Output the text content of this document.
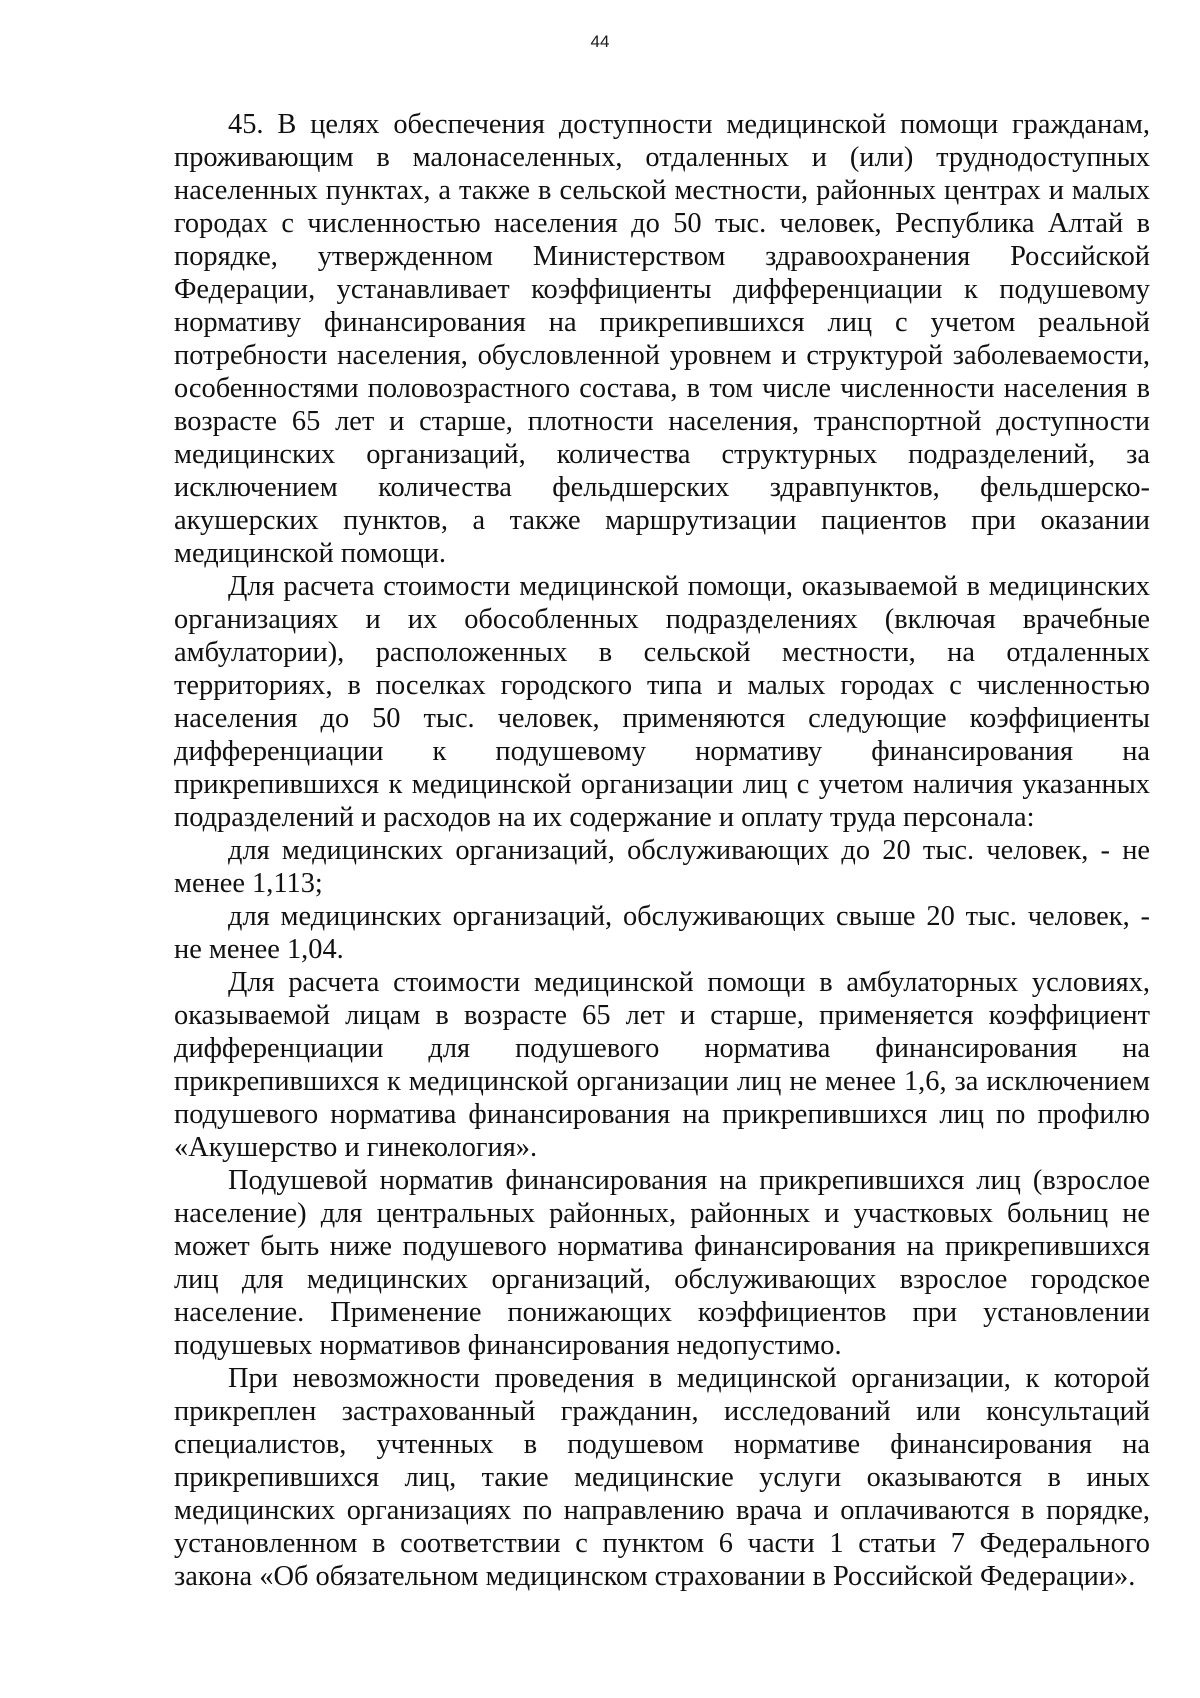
44

45. В целях обеспечения доступности медицинской помощи гражданам, проживающим в малонаселенных, отдаленных и (или) труднодоступных населенных пунктах, а также в сельской местности, районных центрах и малых городах с численностью населения до 50 тыс. человек, Республика Алтай в порядке, утвержденном Министерством здравоохранения Российской Федерации, устанавливает коэффициенты дифференциации к подушевому нормативу финансирования на прикрепившихся лиц с учетом реальной потребности населения, обусловленной уровнем и структурой заболеваемости, особенностями половозрастного состава, в том числе численности населения в возрасте 65 лет и старше, плотности населения, транспортной доступности медицинских организаций, количества структурных подразделений, за исключением количества фельдшерских здравпунктов, фельдшерско-акушерских пунктов, а также маршрутизации пациентов при оказании медицинской помощи.

Для расчета стоимости медицинской помощи, оказываемой в медицинских организациях и их обособленных подразделениях (включая врачебные амбулатории), расположенных в сельской местности, на отдаленных территориях, в поселках городского типа и малых городах с численностью населения до 50 тыс. человек, применяются следующие коэффициенты дифференциации к подушевому нормативу финансирования на прикрепившихся к медицинской организации лиц с учетом наличия указанных подразделений и расходов на их содержание и оплату труда персонала:

для медицинских организаций, обслуживающих до 20 тыс. человек, - не менее 1,113;

для медицинских организаций, обслуживающих свыше 20 тыс. человек, - не менее 1,04.

Для расчета стоимости медицинской помощи в амбулаторных условиях, оказываемой лицам в возрасте 65 лет и старше, применяется коэффициент дифференциации для подушевого норматива финансирования на прикрепившихся к медицинской организации лиц не менее 1,6, за исключением подушевого норматива финансирования на прикрепившихся лиц по профилю «Акушерство и гинекология».

Подушевой норматив финансирования на прикрепившихся лиц (взрослое население) для центральных районных, районных и участковых больниц не может быть ниже подушевого норматива финансирования на прикрепившихся лиц для медицинских организаций, обслуживающих взрослое городское население. Применение понижающих коэффициентов при установлении подушевых нормативов финансирования недопустимо.

При невозможности проведения в медицинской организации, к которой прикреплен застрахованный гражданин, исследований или консультаций специалистов, учтенных в подушевом нормативе финансирования на прикрепившихся лиц, такие медицинские услуги оказываются в иных медицинских организациях по направлению врача и оплачиваются в порядке, установленном в соответствии с пунктом 6 части 1 статьи 7 Федерального закона «Об обязательном медицинском страховании в Российской Федерации».
